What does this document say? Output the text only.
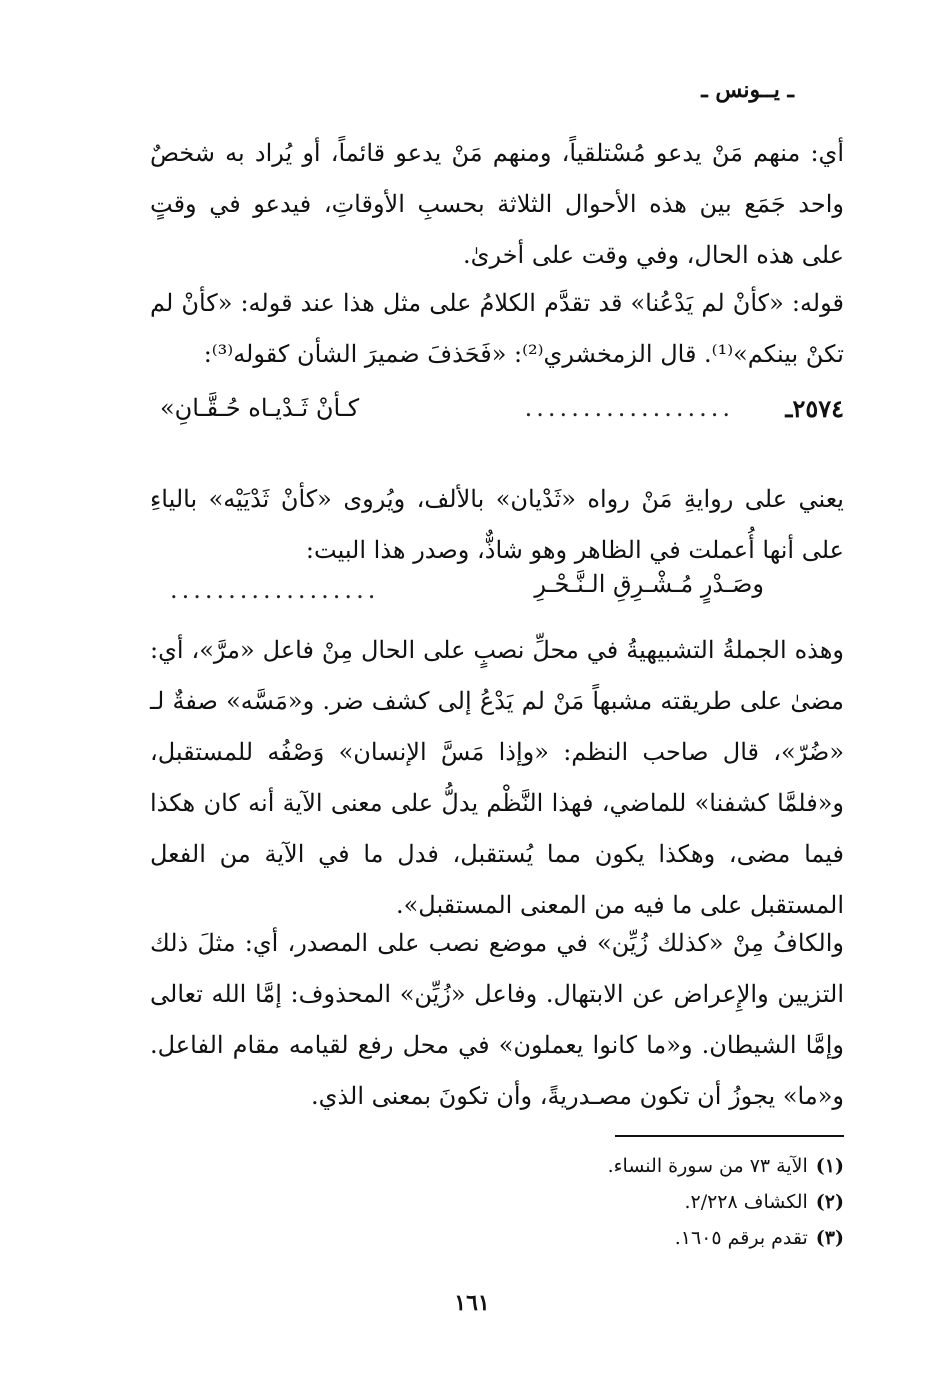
ـ يــونس ـ

أي: منهم مَنْ يدعو مُسْتلقياً، ومنهم مَنْ يدعو قائماً، أو يُراد به شخصٌ واحد جَمَع بين هذه الأحوال الثلاثة بحسبِ الأوقاتِ، فيدعو في وقتٍ على هذه الحال، وفي وقت على أخرىٰ.

قوله: «كأنْ لم يَدْعُنا» قد تقدَّم الكلامُ على مثل هذا عند قوله: «كأنْ لم تكنْ بينكم»⁽¹⁾. قال الزمخشري⁽²⁾: «فَحَذفَ ضميرَ الشأن كقوله⁽³⁾:

٢٥٧٤ـ
..................
كـأنْ ثَـدْيـاه حُـقَّـانِ»

يعني على روايةِ مَنْ رواه «ثَدْيان» بالألف، ويُروى «كأنْ ثَدْيَيْه» بالياءِ على أنها أُعملت في الظاهر وهو شاذٌّ، وصدر هذا البيت:

وصَـدْرٍ مُـشْـرِقِ الـنَّـحْـرِ
..................

وهذه الجملةُ التشبيهيةُ في محلِّ نصبٍ على الحال مِنْ فاعل «مرَّ»، أي: مضىٰ على طريقته مشبهاً مَنْ لم يَدْعُ إلى كشف ضر. و«مَسَّه» صفةٌ لـ «ضُرّ»، قال صاحب النظم: «وإذا مَسَّ الإنسان» وَصْفُه للمستقبل، و«فلمَّا كشفنا» للماضي، فهذا النَّظْم يدلُّ على معنى الآية أنه كان هكذا فيما مضى، وهكذا يكون مما يُستقبل، فدل ما في الآية من الفعل المستقبل على ما فيه من المعنى المستقبل».

والكافُ مِنْ «كذلك زُيِّن» في موضع نصب على المصدر، أي: مثلَ ذلك التزيين والإِعراض عن الابتهال. وفاعل «زُيِّن» المحذوف: إمَّا الله تعالى وإمَّا الشيطان. و«ما كانوا يعملون» في محل رفع لقيامه مقام الفاعل. و«ما» يجوزُ أن تكون مصـدريةً، وأن تكونَ بمعنى الذي.

(١)الآية ٧٣ من سورة النساء.
(٢)الكشاف ٢/٢٢٨.
(٣)تقدم برقم ١٦٠٥.
١٦١
